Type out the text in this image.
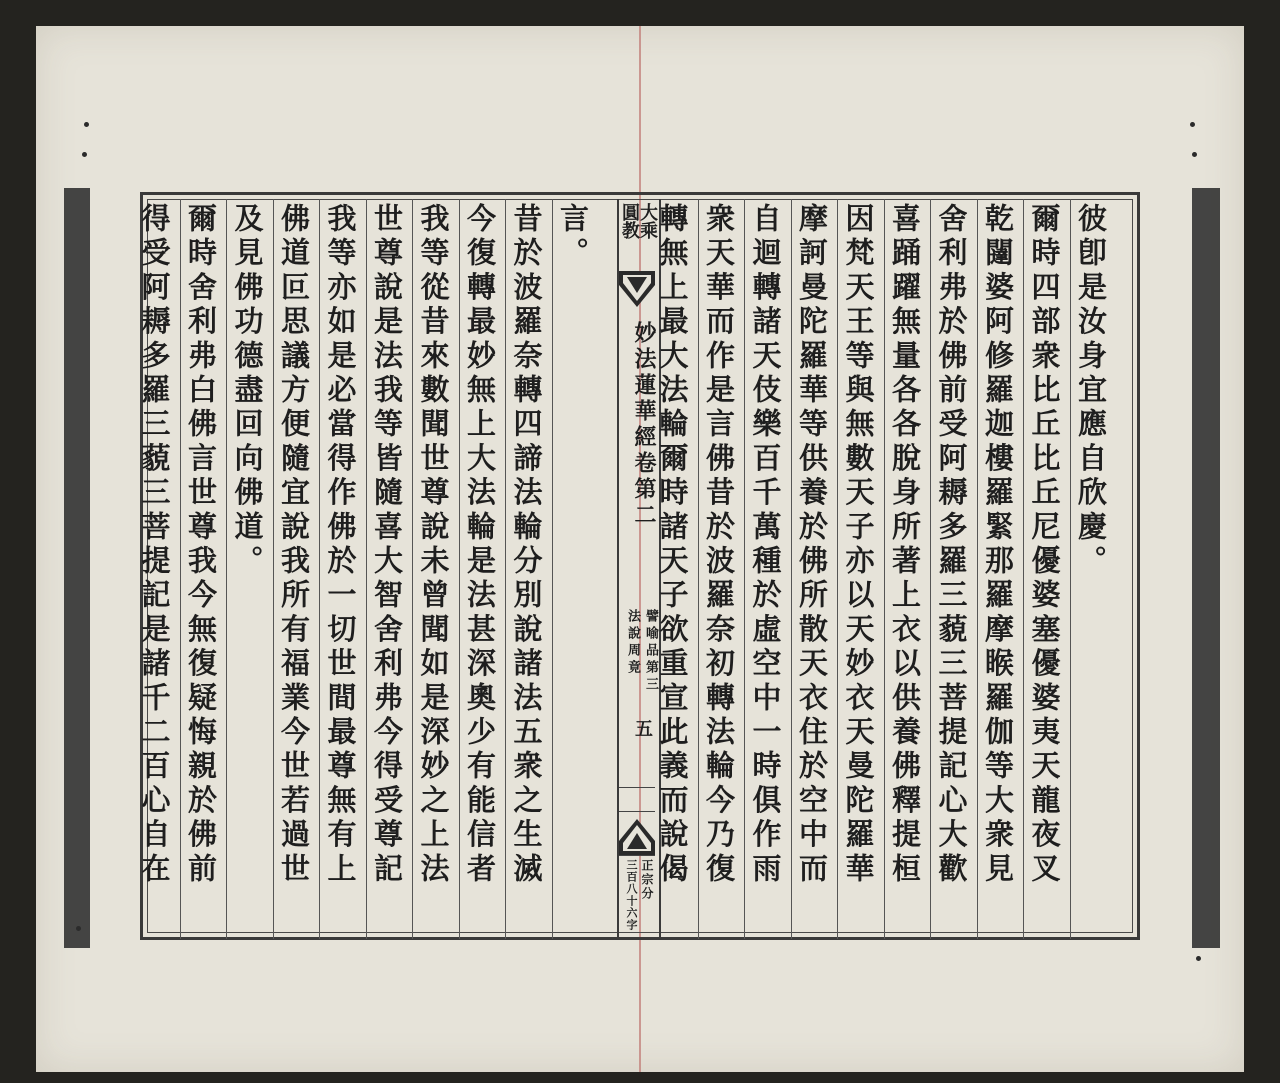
言。
昔於波羅奈轉四諦法輪分別說諸法五衆之生滅
今復轉最妙無上大法輪是法甚深奧少有能信者
我等從昔來數聞世尊說未曾聞如是深妙之上法
世尊說是法我等皆隨喜大智舍利弗今得受尊記
我等亦如是必當得作佛於一切世間最尊無有上
佛道叵思議方便隨宜說我所有福業今世若過世
及見佛功德盡回向佛道。
爾時舍利弗白佛言世尊我今無復疑悔親於佛前
得受阿耨多羅三藐三菩提記是諸千二百心自在	大乘
圓教
妙法蓮華經卷第二
譬喻品第三
法說周竟
五
正宗分
三百八十六字
彼卽是汝身宜應自欣慶。
爾時四部衆比丘比丘尼優婆塞優婆夷天龍夜叉
乾闥婆阿修羅迦樓羅緊那羅摩睺羅伽等大衆見
舍利弗於佛前受阿耨多羅三藐三菩提記心大歡
喜踊躍無量各各脫身所著上衣以供養佛釋提桓
因梵天王等與無數天子亦以天妙衣天曼陀羅華
摩訶曼陀羅華等供養於佛所散天衣住於空中而
自迴轉諸天伎樂百千萬種於虛空中一時俱作雨
衆天華而作是言佛昔於波羅奈初轉法輪今乃復
轉無上最大法輪爾時諸天子欲重宣此義而說偈
